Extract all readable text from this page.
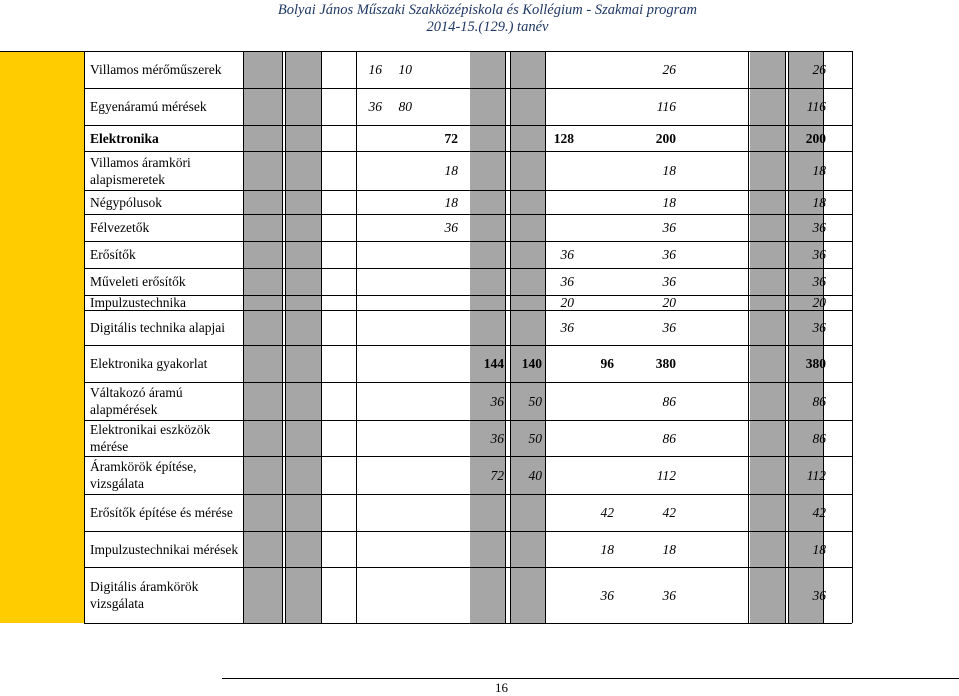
Bolyai János Műszaki Szakközépiskola és Kollégium - Szakmai program
2014-15.(129.) tanév
Villamos mérőműszerek	16	10	26	26
Egyenáramú mérések	36	80	116	116
Elektronika	72	128	200	200
Villamos áramköri alapismeretek
18	18	18
Négypólusok	18	18	18
Félvezetők	36	36	36
Erősítők	36	36	36
Műveleti erősítők	36	36	36
Impulzustechnika	20	20	20
Digitális technika alapjai	36	36	36
Elektronika gyakorlat	144	140	96	380	380
Váltakozó áramú alapmérések
36	50	86	86
Elektronikai eszközök mérése
36	50	86	86
Áramkörök építése, vizsgálata
72	40	112	112
Erősítők építése és mérése	42	42	42
Impulzustechnikai mérések	18	18	18
Digitális áramkörök vizsgálata
36	36	36
16
